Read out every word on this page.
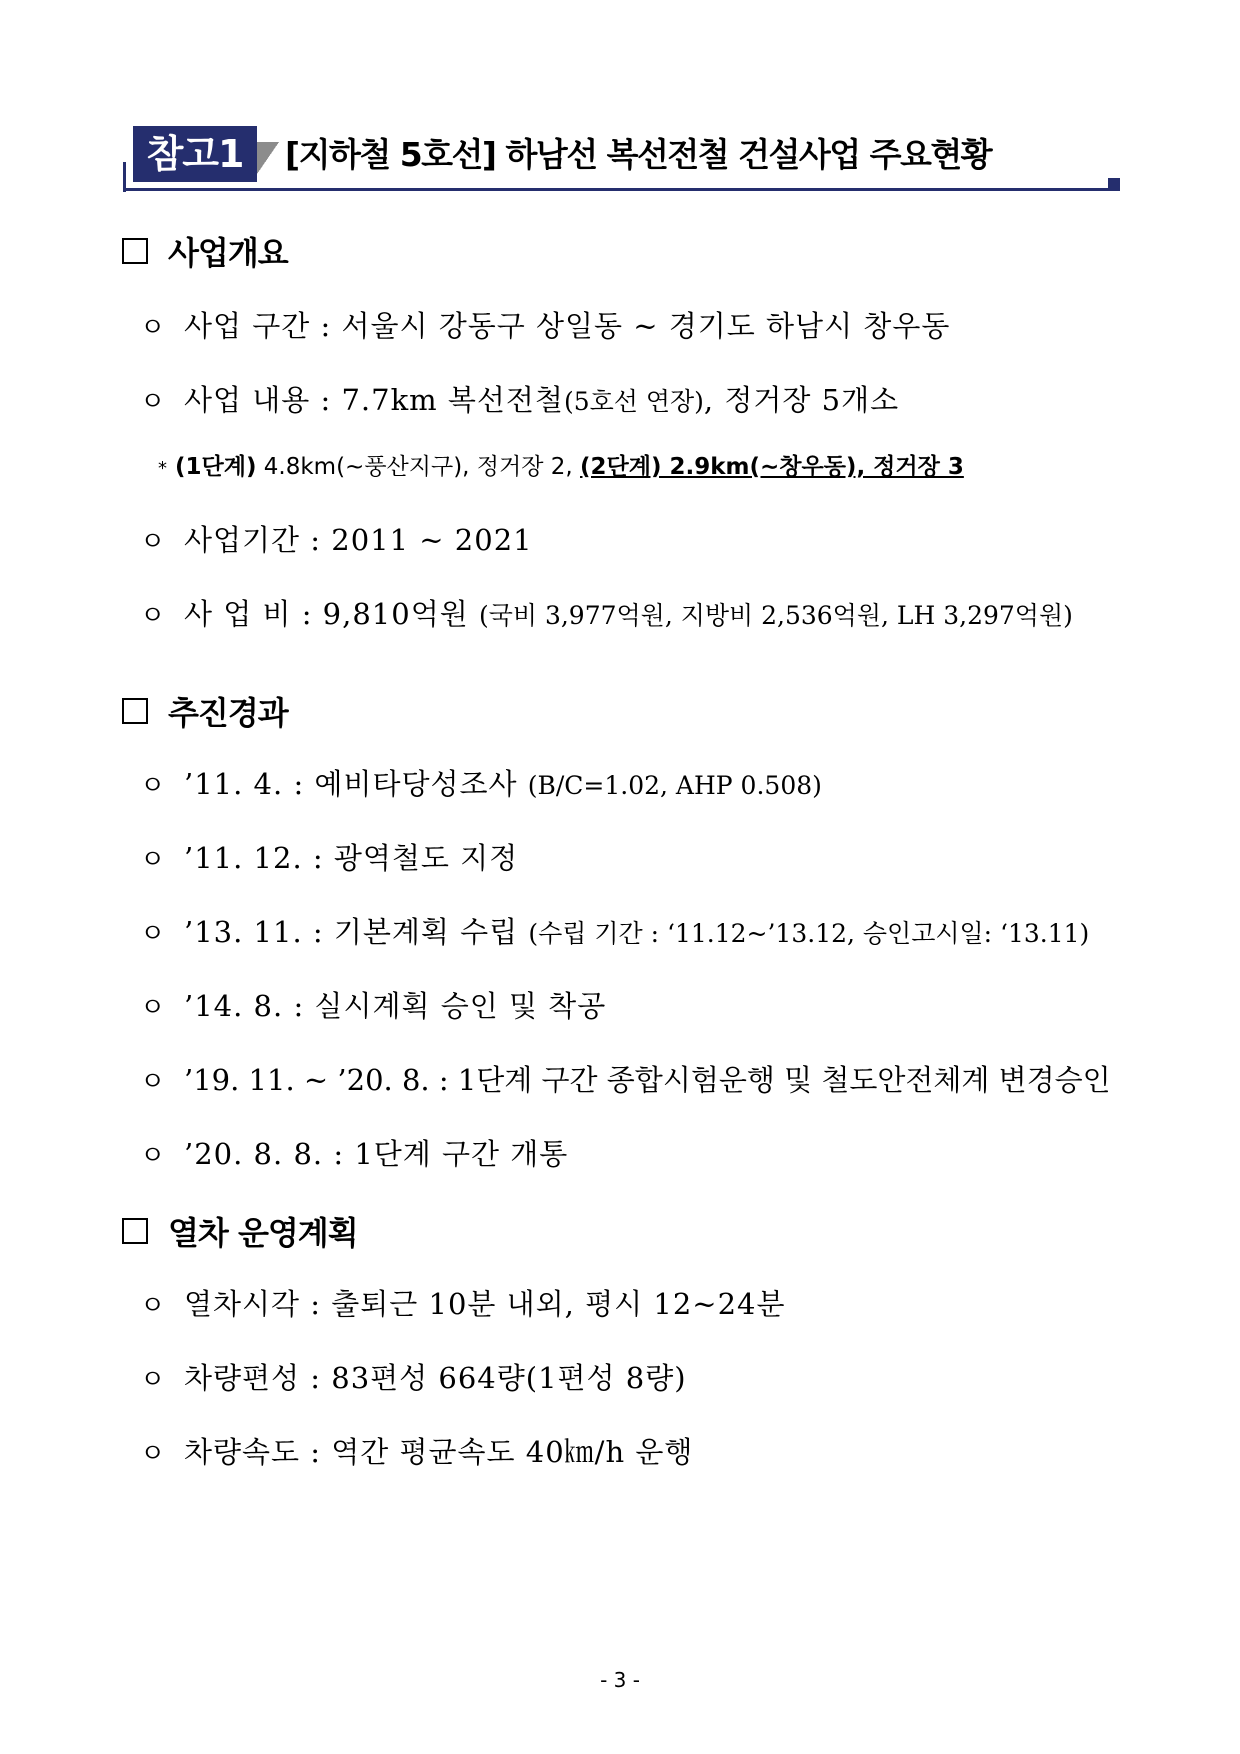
참고1	[지하철 5호선] 하남선 복선전철 건설사업 주요현황
사업개요
ㅇ 사업 구간 : 서울시 강동구 상일동 ~ 경기도 하남시 창우동
ㅇ 사업 내용 : 7.7km 복선전철(5호선 연장), 정거장 5개소
* (1단계) 4.8km(∼풍산지구), 정거장 2, (2단계) 2.9km(∼창우동), 정거장 3
ㅇ 사업기간 : 2011 ~ 2021
ㅇ 사 업 비 : 9,810억원 (국비 3,977억원, 지방비 2,536억원, LH 3,297억원)
추진경과
ㅇ ’11. 4. : 예비타당성조사 (B/C=1.02, AHP 0.508)
ㅇ ’11. 12. : 광역철도 지정
ㅇ ’13. 11. : 기본계획 수립 (수립 기간 : ‘11.12~’13.12, 승인고시일: ‘13.11)
ㅇ ’14. 8. : 실시계획 승인 및 착공
ㅇ ’19. 11. ~ ’20. 8. : 1단계 구간 종합시험운행 및 철도안전체계 변경승인
ㅇ ’20. 8. 8. : 1단계 구간 개통
열차 운영계획
ㅇ 열차시각 : 출퇴근 10분 내외, 평시 12~24분
ㅇ 차량편성 : 83편성 664량(1편성 8량)
ㅇ 차량속도 : 역간 평균속도 40㎞/h 운행
- 3 -
